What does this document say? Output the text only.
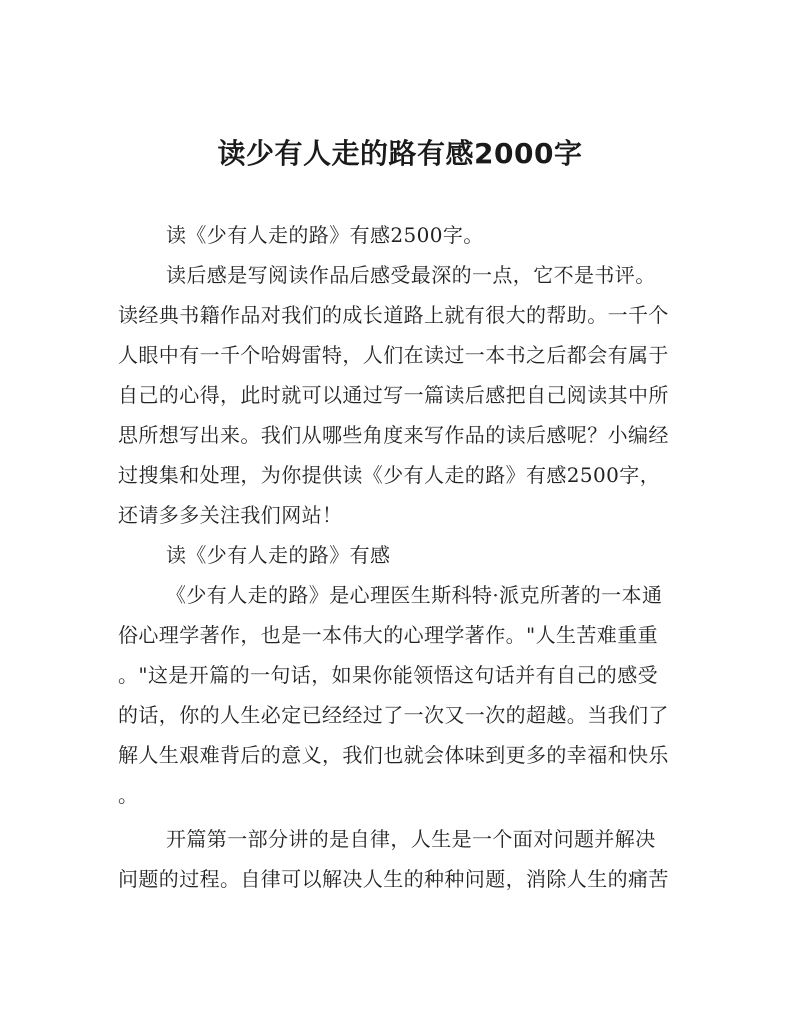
读少有人走的路有感2000字
读《少有人走的路》有感2500字。
读后感是写阅读作品后感受最深的一点，它不是书评。
读经典书籍作品对我们的成长道路上就有很大的帮助。一千个
人眼中有一千个哈姆雷特，人们在读过一本书之后都会有属于
自己的心得，此时就可以通过写一篇读后感把自己阅读其中所
思所想写出来。我们从哪些角度来写作品的读后感呢？小编经
过搜集和处理，为你提供读《少有人走的路》有感2500字，
还请多多关注我们网站！
读《少有人走的路》有感
《少有人走的路》是心理医生斯科特·派克所著的一本通
俗心理学著作，也是一本伟大的心理学著作。"人生苦难重重
。"这是开篇的一句话，如果你能领悟这句话并有自己的感受
的话，你的人生必定已经经过了一次又一次的超越。当我们了
解人生艰难背后的意义，我们也就会体味到更多的幸福和快乐
。
开篇第一部分讲的是自律，人生是一个面对问题并解决
问题的过程。自律可以解决人生的种种问题，消除人生的痛苦
